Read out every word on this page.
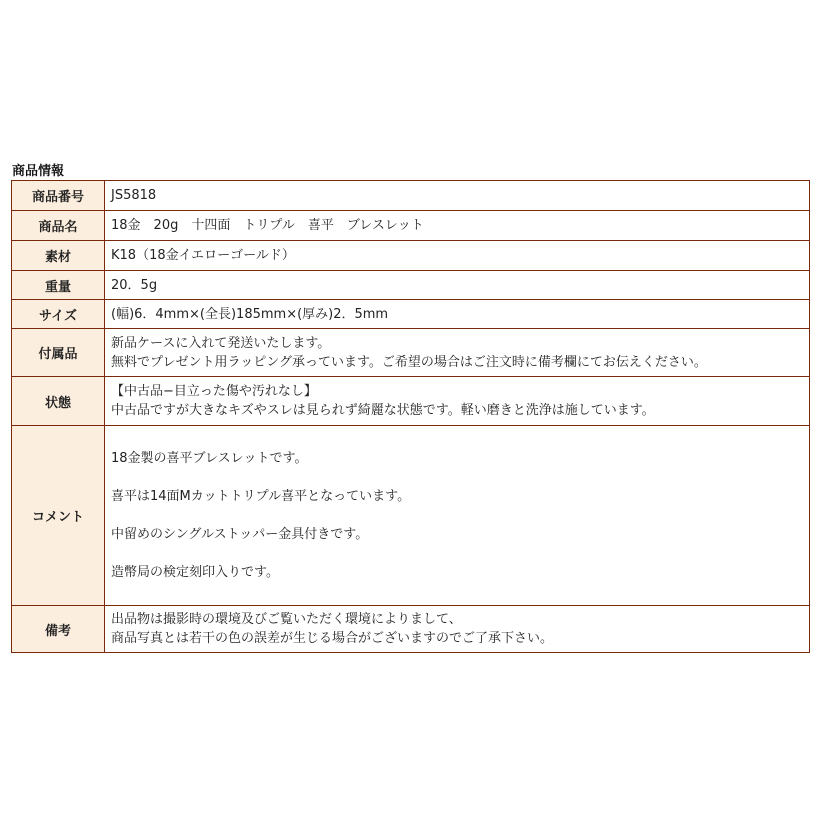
商品情報
商品番号	JS5818
商品名	18金　20g　十四面　トリプル　喜平　ブレスレット
素材	K18（18金イエローゴールド）
重量	20．5g
サイズ	(幅)6．4mm×(全長)185mm×(厚み)2．5mm
付属品	新品ケースに入れて発送いたします。
無料でプレゼント用ラッピング承っています。ご希望の場合はご注文時に備考欄にてお伝えください。

状態	【中古品−目立った傷や汚れなし】
中古品ですが大きなキズやスレは見られず綺麗な状態です。軽い磨きと洗浄は施しています。

コメント	18金製の喜平ブレスレットです。
喜平は14面Mカットトリプル喜平となっています。
中留めのシングルストッパー金具付きです。
造幣局の検定刻印入りです。

備考	出品物は撮影時の環境及びご覧いただく環境によりまして、
商品写真とは若干の色の誤差が生じる場合がございますのでご了承下さい。
